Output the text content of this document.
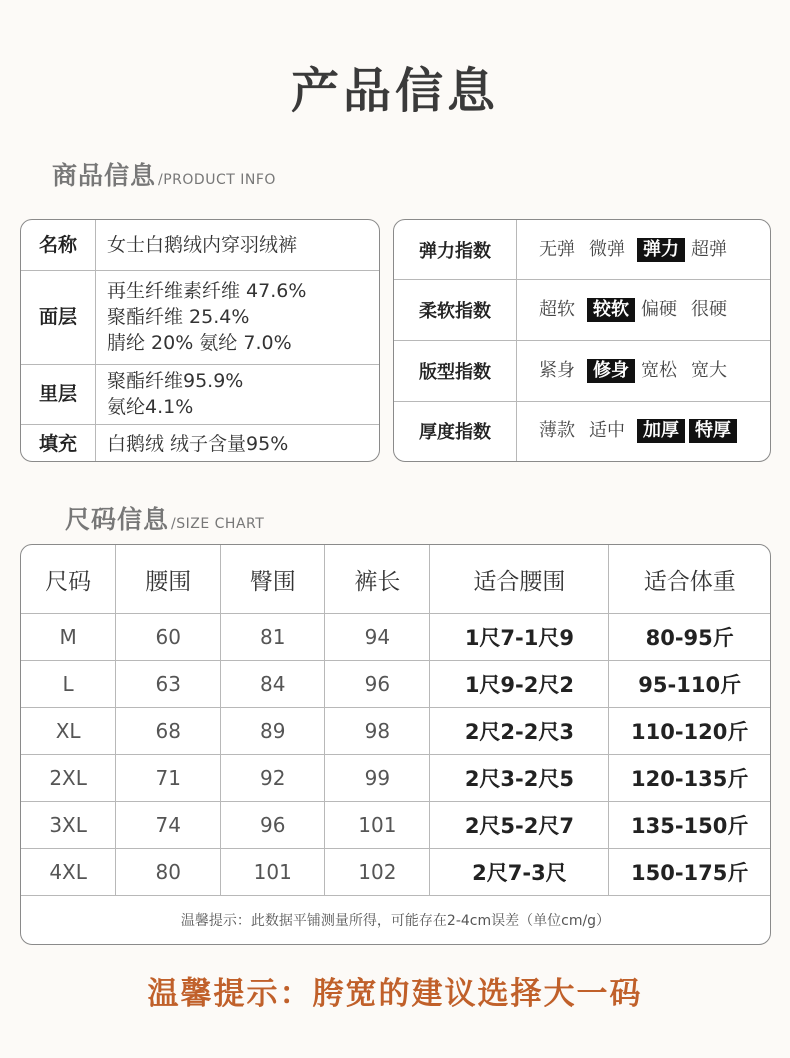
产品信息
商品信息 /PRODUCT INFO
名称	女士白鹅绒内穿羽绒裤

面层	再生纤维素纤维 47.6%
聚酯纤维 25.4%
腈纶 20% 氨纶 7.0%

里层	聚酯纤维95.9%
氨纶4.1%

填充	白鹅绒 绒子含量95%
弹力指数	无弹 微弹 弹力 超弹
柔软指数	超软 较软 偏硬 很硬
版型指数	紧身 修身 宽松 宽大
厚度指数	薄款 适中 加厚 特厚
尺码信息 /SIZE CHART
尺码	腰围	臀围	裤长	适合腰围	适合体重
M	60	81	94	1尺7-1尺9	80-95斤
L	63	84	96	1尺9-2尺2	95-110斤
XL	68	89	98	2尺2-2尺3	110-120斤
2XL	71	92	99	2尺3-2尺5	120-135斤
3XL	74	96	101	2尺5-2尺7	135-150斤
4XL	80	101	102	2尺7-3尺	150-175斤
温馨提示：此数据平铺测量所得，可能存在2-4cm误差（单位cm/g）
温馨提示：胯宽的建议选择大一码
